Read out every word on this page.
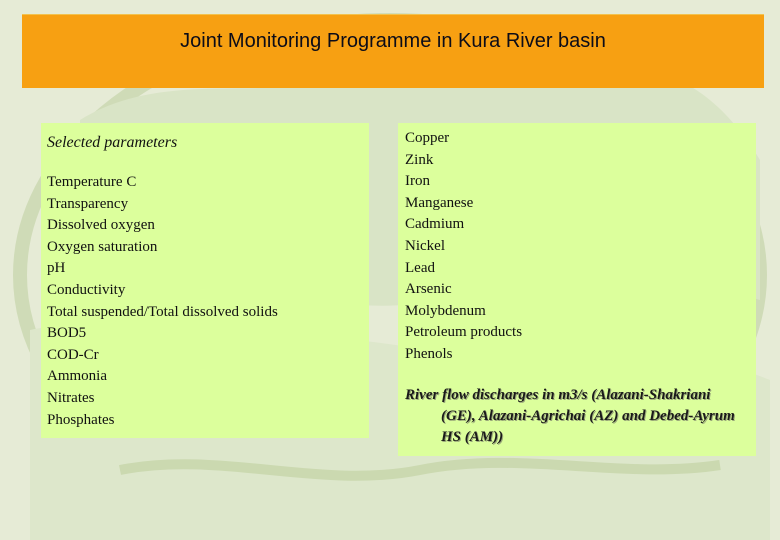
Joint Monitoring Programme in Kura River basin
Selected parameters
Temperature C
Transparency
Dissolved oxygen
Oxygen saturation
pH
Conductivity
Total suspended/Total dissolved solids
BOD5
COD-Cr
Ammonia
Nitrates
Phosphates
Copper
Zink
Iron
Manganese
Cadmium
Nickel
Lead
Arsenic
Molybdenum
Petroleum products
Phenols
River flow discharges in m3/s (Alazani-Shakriani (GE), Alazani-Agrichai (AZ) and Debed-Ayrum HS (AM))
